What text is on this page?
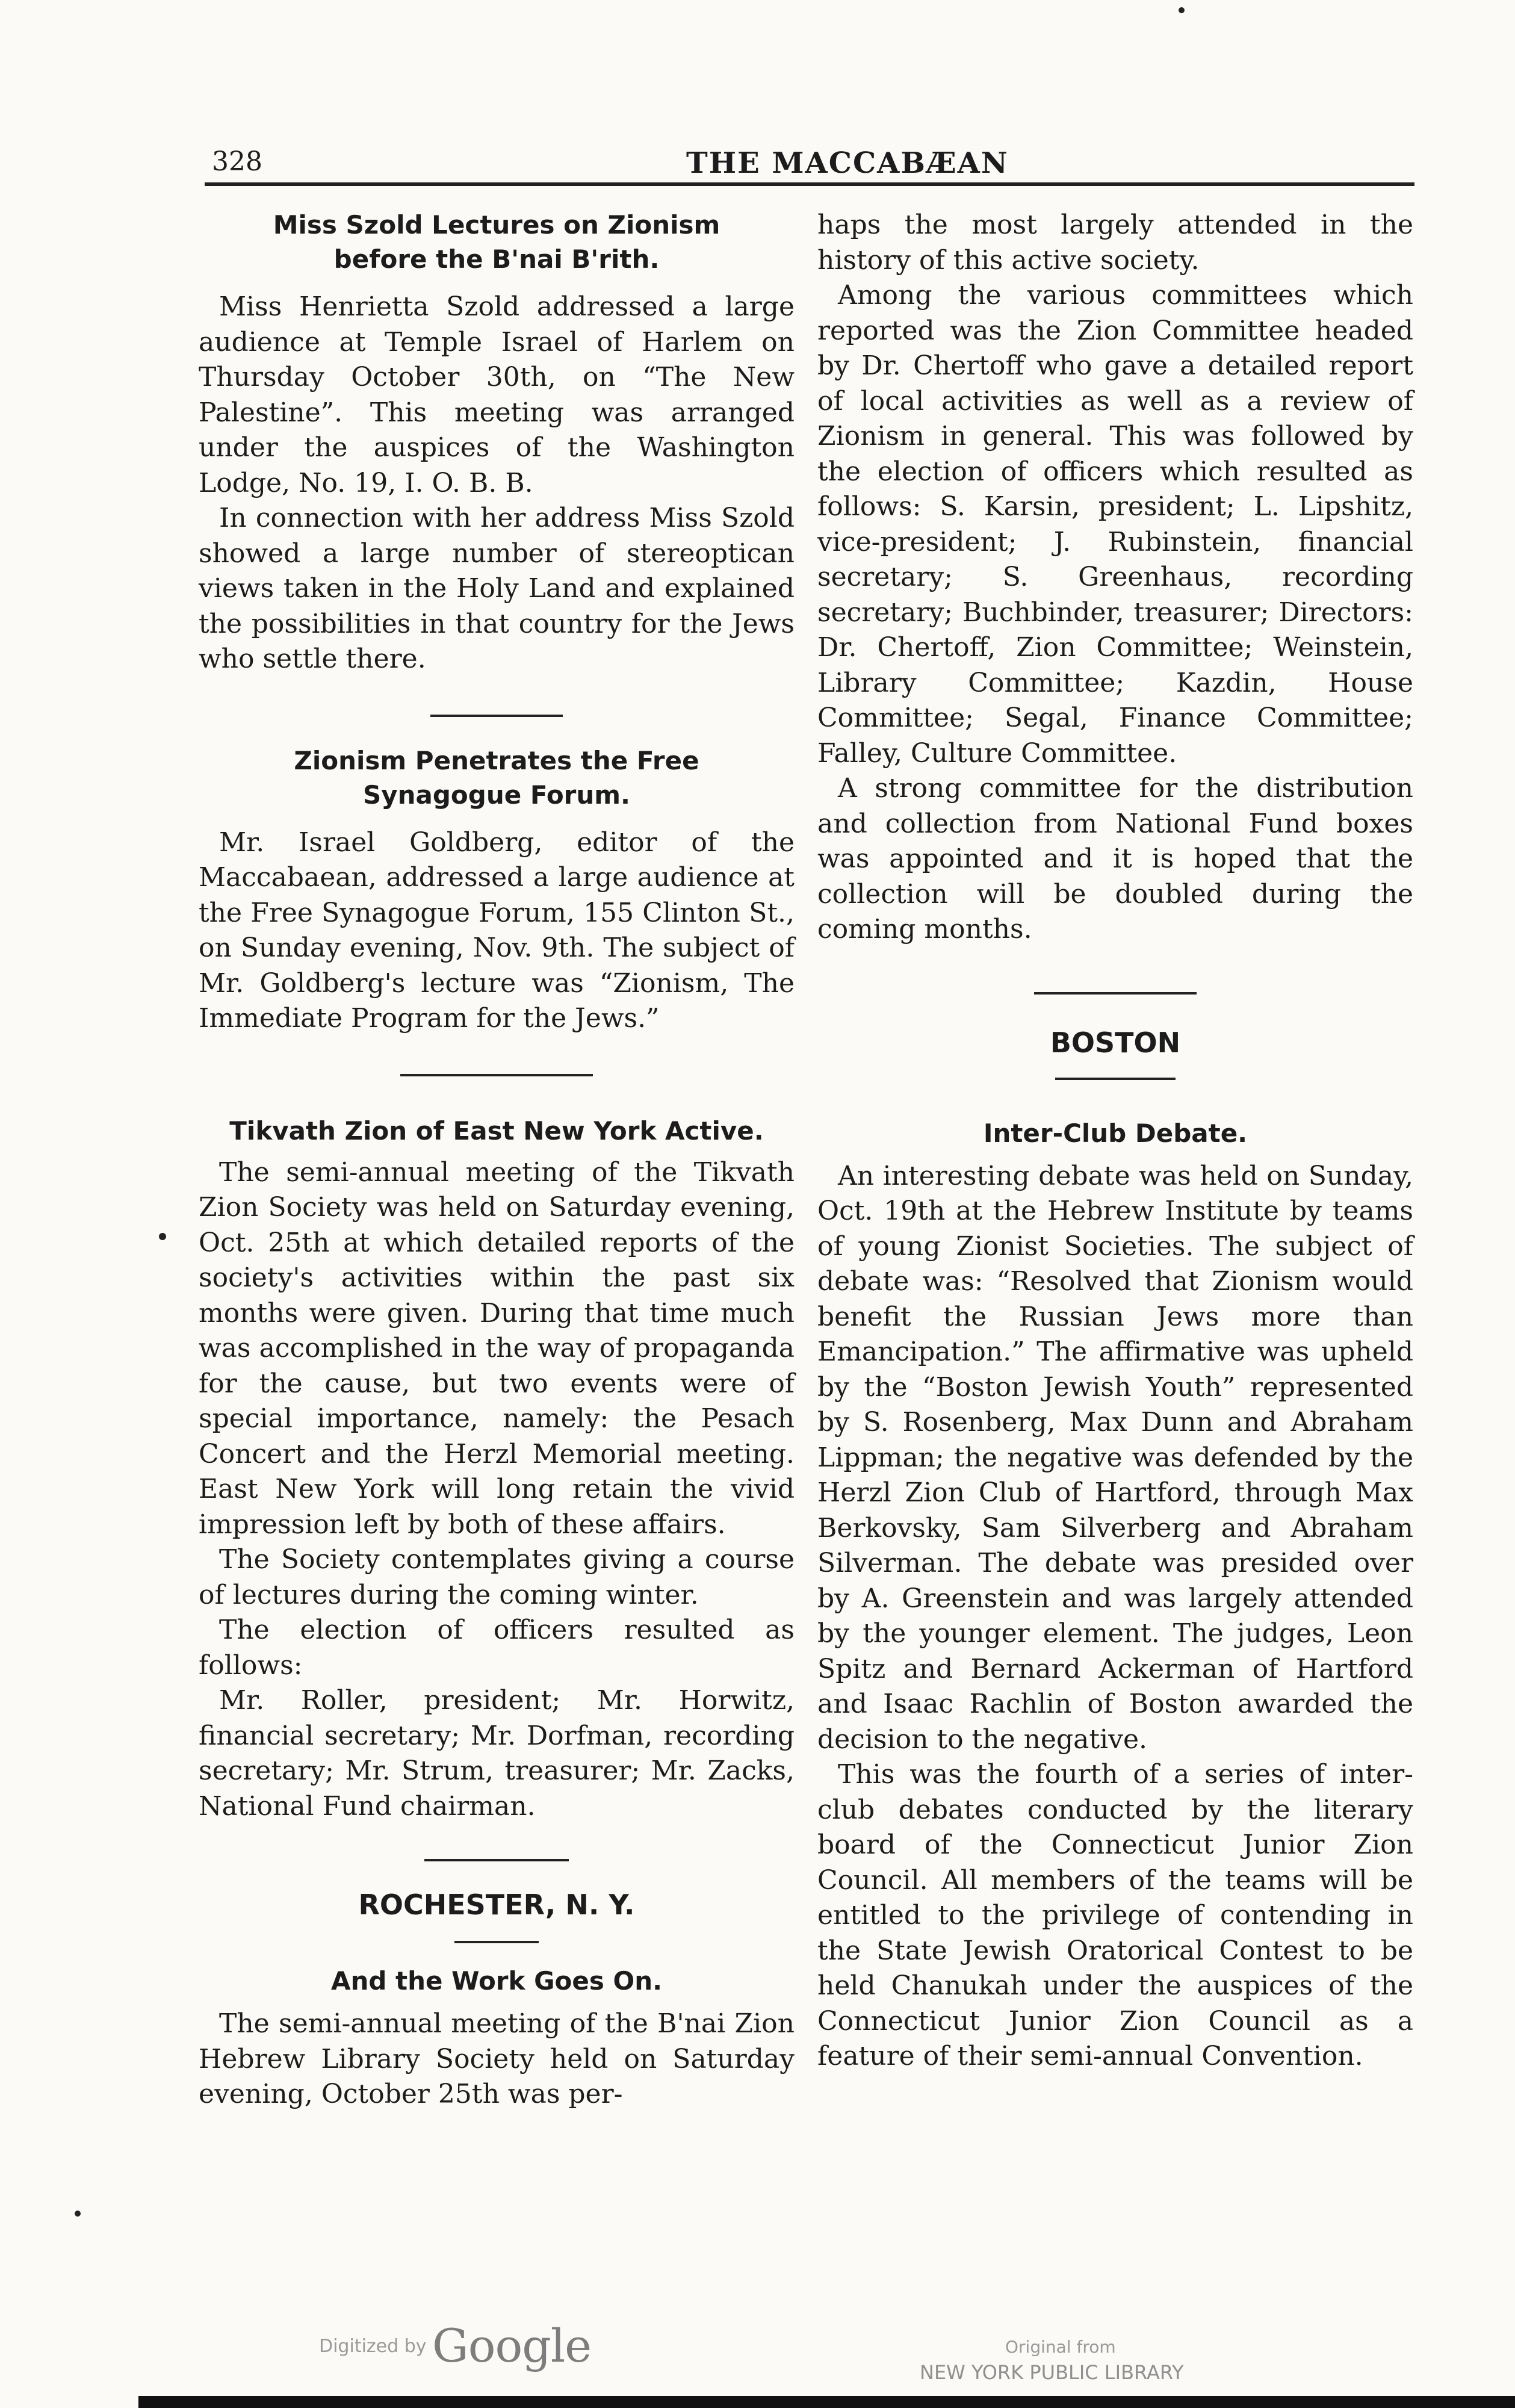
328	THE MACCABÆAN
Miss Szold Lectures on Zionism before the B'nai B'rith.

Miss Henrietta Szold addressed a large audience at Temple Israel of Harlem on Thursday October 30th, on “The New Palestine”. This meeting was arranged under the auspices of the Washington Lodge, No. 19, I. O. B. B.

In connection with her address Miss Szold showed a large number of stereoptican views taken in the Holy Land and explained the possibilities in that country for the Jews who settle there.

Zionism Penetrates the Free Synagogue Forum.

Mr. Israel Goldberg, editor of the Maccabaean, addressed a large audience at the Free Synagogue Forum, 155 Clinton St., on Sunday evening, Nov. 9th. The subject of Mr. Goldberg's lecture was “Zionism, The Immediate Program for the Jews.”

Tikvath Zion of East New York Active.

The semi-annual meeting of the Tikvath Zion Society was held on Saturday evening, Oct. 25th at which detailed reports of the society's activities within the past six months were given. During that time much was accomplished in the way of propaganda for the cause, but two events were of special importance, namely: the Pesach Concert and the Herzl Memorial meeting. East New York will long retain the vivid impression left by both of these affairs.

The Society contemplates giving a course of lectures during the coming winter.

The election of officers resulted as follows:

Mr. Roller, president; Mr. Horwitz, financial secretary; Mr. Dorfman, recording secretary; Mr. Strum, treasurer; Mr. Zacks, National Fund chairman.

ROCHESTER, N. Y.
And the Work Goes On.

The semi-annual meeting of the B'nai Zion Hebrew Library Society held on Saturday evening, October 25th was per-

haps the most largely attended in the history of this active society.

Among the various committees which reported was the Zion Committee headed by Dr. Chertoff who gave a detailed report of local activities as well as a review of Zionism in general. This was followed by the election of officers which resulted as follows: S. Karsin, president; L. Lipshitz, vice-president; J. Rubinstein, financial secretary; S. Greenhaus, recording secretary; Buchbinder, treasurer; Directors: Dr. Chertoff, Zion Committee; Weinstein, Library Committee; Kazdin, House Committee; Segal, Finance Committee; Falley, Culture Committee.

A strong committee for the distribution and collection from National Fund boxes was appointed and it is hoped that the collection will be doubled during the coming months.

BOSTON
Inter-Club Debate.

An interesting debate was held on Sunday, Oct. 19th at the Hebrew Institute by teams of young Zionist Societies. The subject of debate was: “Resolved that Zionism would benefit the Russian Jews more than Emancipation.” The affirmative was upheld by the “Boston Jewish Youth” represented by S. Rosenberg, Max Dunn and Abraham Lippman; the negative was defended by the Herzl Zion Club of Hartford, through Max Berkovsky, Sam Silverberg and Abraham Silverman. The debate was presided over by A. Greenstein and was largely attended by the younger element. The judges, Leon Spitz and Bernard Ackerman of Hartford and Isaac Rachlin of Boston awarded the decision to the negative.

This was the fourth of a series of inter-club debates conducted by the literary board of the Connecticut Junior Zion Council. All members of the teams will be entitled to the privilege of contending in the State Jewish Oratorical Contest to be held Chanukah under the auspices of the Connecticut Junior Zion Council as a feature of their semi-annual Convention.

Digitized by Google	Original from
NEW YORK PUBLIC LIBRARY
